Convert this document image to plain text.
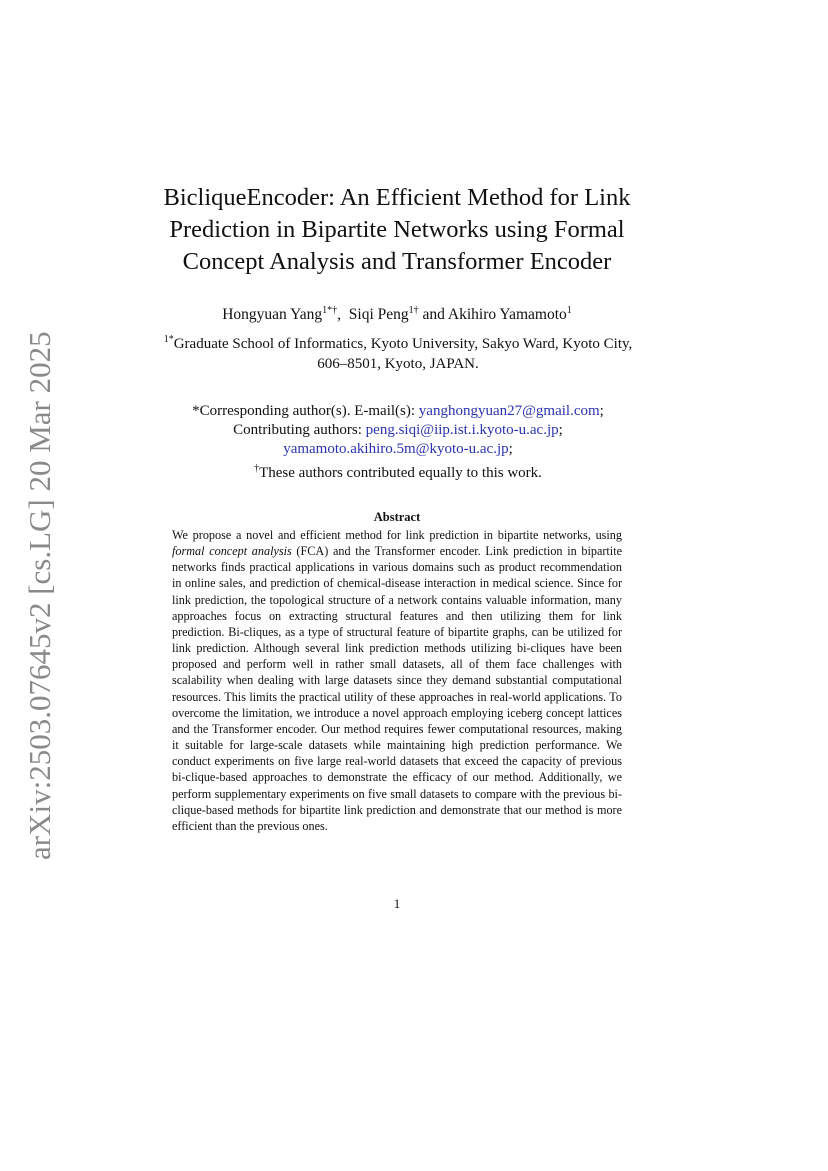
arXiv:2503.07645v2 [cs.LG] 20 Mar 2025
BicliqueEncoder: An Efficient Method for Link
Prediction in Bipartite Networks using Formal
Concept Analysis and Transformer Encoder
Hongyuan Yang$^{1*\dagger}$,  Siqi Peng$^{1\dagger}$ and Akihiro Yamamoto$^1$
$^{1*}$Graduate School of Informatics, Kyoto University, Sakyo Ward, Kyoto City, 606–8501, Kyoto, JAPAN.
*Corresponding author(s). E-mail(s): yanghongyuan27@gmail.com;
Contributing authors: peng.siqi@iip.ist.i.kyoto-u.ac.jp;
yamamoto.akihiro.5m@kyoto-u.ac.jp;
†These authors contributed equally to this work.
Abstract
We propose a novel and efficient method for link prediction in bipartite networks, using formal concept analysis (FCA) and the Transformer encoder. Link prediction in bipartite networks finds practical applications in various domains such as product recommendation in online sales, and prediction of chemical-disease interaction in medical science. Since for link prediction, the topological structure of a network contains valuable information, many approaches focus on extracting structural features and then utilizing them for link prediction. Bi-cliques, as a type of structural feature of bipartite graphs, can be utilized for link prediction. Although several link prediction methods utilizing bi-cliques have been proposed and perform well in rather small datasets, all of them face challenges with scalability when dealing with large datasets since they demand substantial computational resources. This limits the practical utility of these approaches in real-world applications. To overcome the limitation, we introduce a novel approach employing iceberg concept lattices and the Transformer encoder. Our method requires fewer computational resources, making it suitable for large-scale datasets while maintaining high prediction performance. We conduct experiments on five large real-world datasets that exceed the capacity of previous bi-clique-based approaches to demonstrate the efficacy of our method. Additionally, we perform supplementary experiments on five small datasets to compare with the previous bi-clique-based methods for bipartite link prediction and demonstrate that our method is more efficient than the previous ones.
1
